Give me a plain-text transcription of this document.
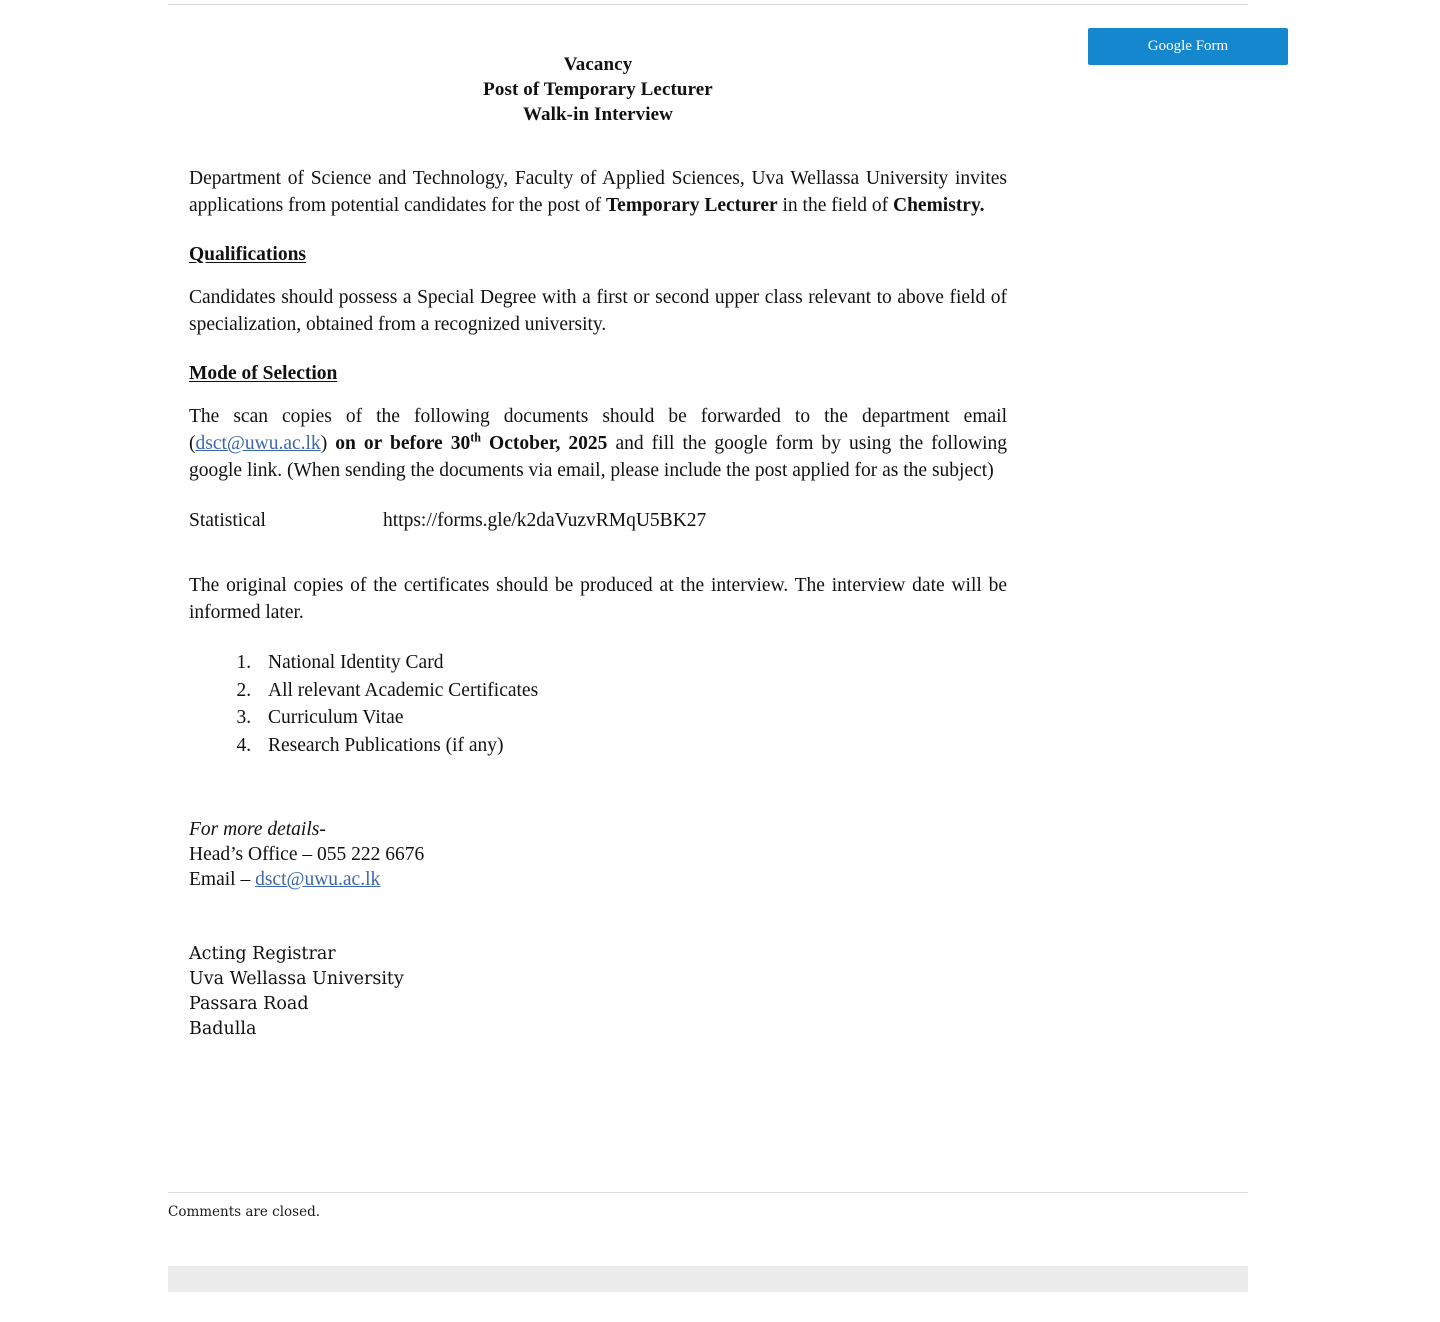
Google Form
Vacancy
Post of Temporary Lecturer
Walk-in Interview

Department of Science and Technology, Faculty of Applied Sciences, Uva Wellassa University invites applications from potential candidates for the post of Temporary Lecturer in the field of Chemistry.

Qualifications

Candidates should possess a Special Degree with a first or second upper class relevant to above field of specialization, obtained from a recognized university.

Mode of Selection

The scan copies of the following documents should be forwarded to the department email (dsct@uwu.ac.lk) on or before 30th October, 2025 and fill the google form by using the following google link. (When sending the documents via email, please include the post applied for as the subject)

Statistical	https://forms.gle/k2daVuzvRMqU5BK27

The original copies of the certificates should be produced at the interview. The interview date will be informed later.

1. National Identity Card
2. All relevant Academic Certificates
3. Curriculum Vitae
4. Research Publications (if any)
For more details-
Head’s Office – 055 222 6676
Email – dsct@uwu.ac.lk
Acting Registrar
Uva Wellassa University
Passara Road
Badulla
Comments are closed.
